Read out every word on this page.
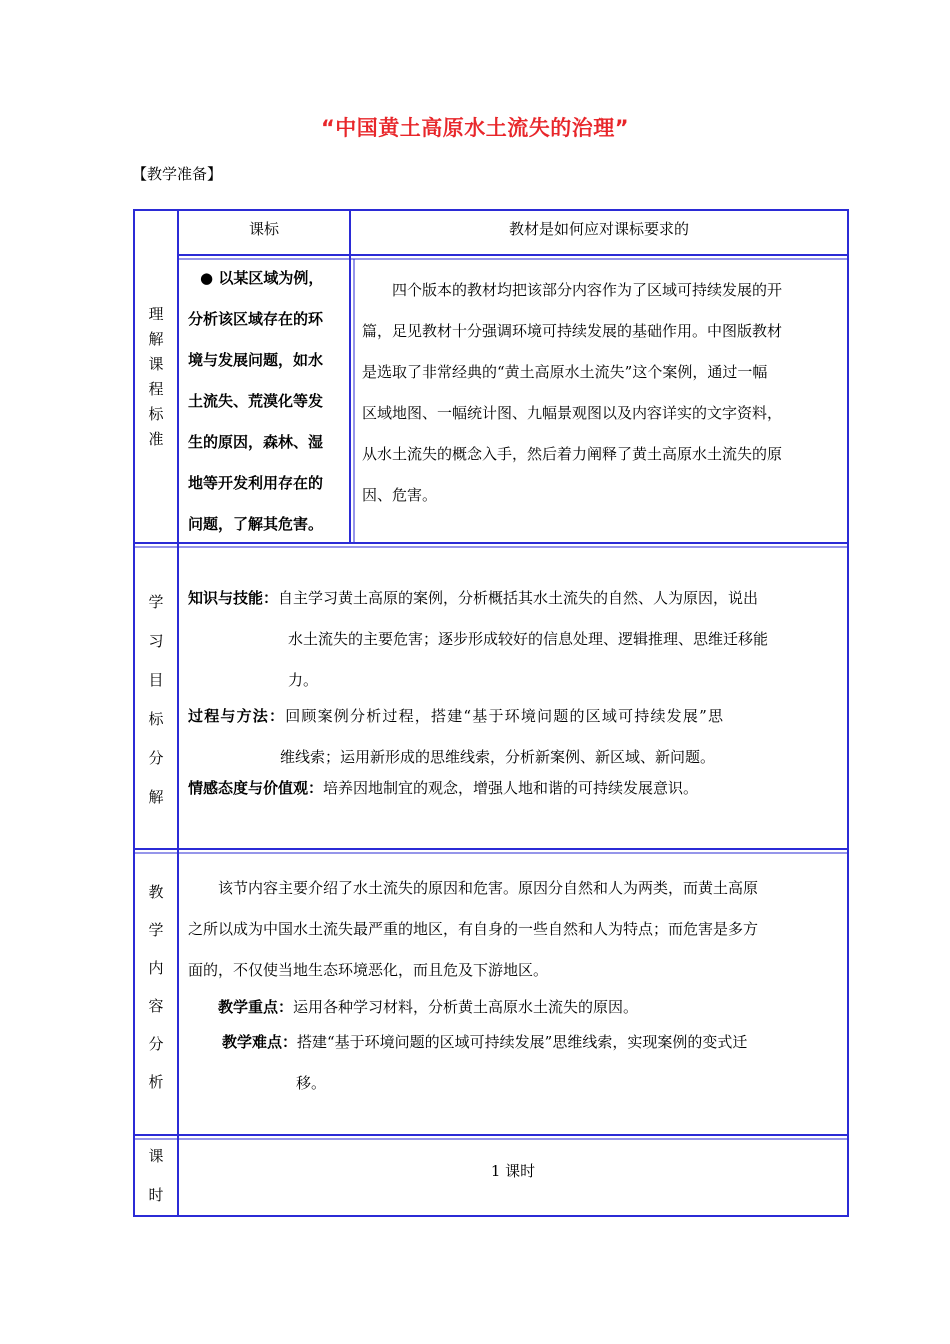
“中国黄土高原水土流失的治理”
【教学准备】
理
解
课
程
标
准
课标	教材是如何应对课标要求的
● 以某区域为例，
分析该区域存在的环
境与发展问题，如水
土流失、荒漠化等发
生的原因，森林、湿
地等开发利用存在的
问题，了解其危害。
四个版本的教材均把该部分内容作为了区域可持续发展的开
篇，足见教材十分强调环境可持续发展的基础作用。中图版教材
是选取了非常经典的“黄土高原水土流失”这个案例，通过一幅
区域地图、一幅统计图、九幅景观图以及内容详实的文字资料，
从水土流失的概念入手，然后着力阐释了黄土高原水土流失的原
因、危害。
学
习
目
标
分
解
知识与技能：自主学习黄土高原的案例，分析概括其水土流失的自然、人为原因，说出
水土流失的主要危害；逐步形成较好的信息处理、逻辑推理、思维迁移能
力。
过程与方法：回顾案例分析过程，搭建“基于环境问题的区域可持续发展”思
维线索；运用新形成的思维线索，分析新案例、新区域、新问题。
情感态度与价值观：培养因地制宜的观念，增强人地和谐的可持续发展意识。
教
学
内
容
分
析
该节内容主要介绍了水土流失的原因和危害。原因分自然和人为两类，而黄土高原
之所以成为中国水土流失最严重的地区，有自身的一些自然和人为特点；而危害是多方
面的，不仅使当地生态环境恶化，而且危及下游地区。
教学重点：运用各种学习材料，分析黄土高原水土流失的原因。
教学难点：搭建“基于环境问题的区域可持续发展”思维线索，实现案例的变式迁
移。
课
时
1 课时
